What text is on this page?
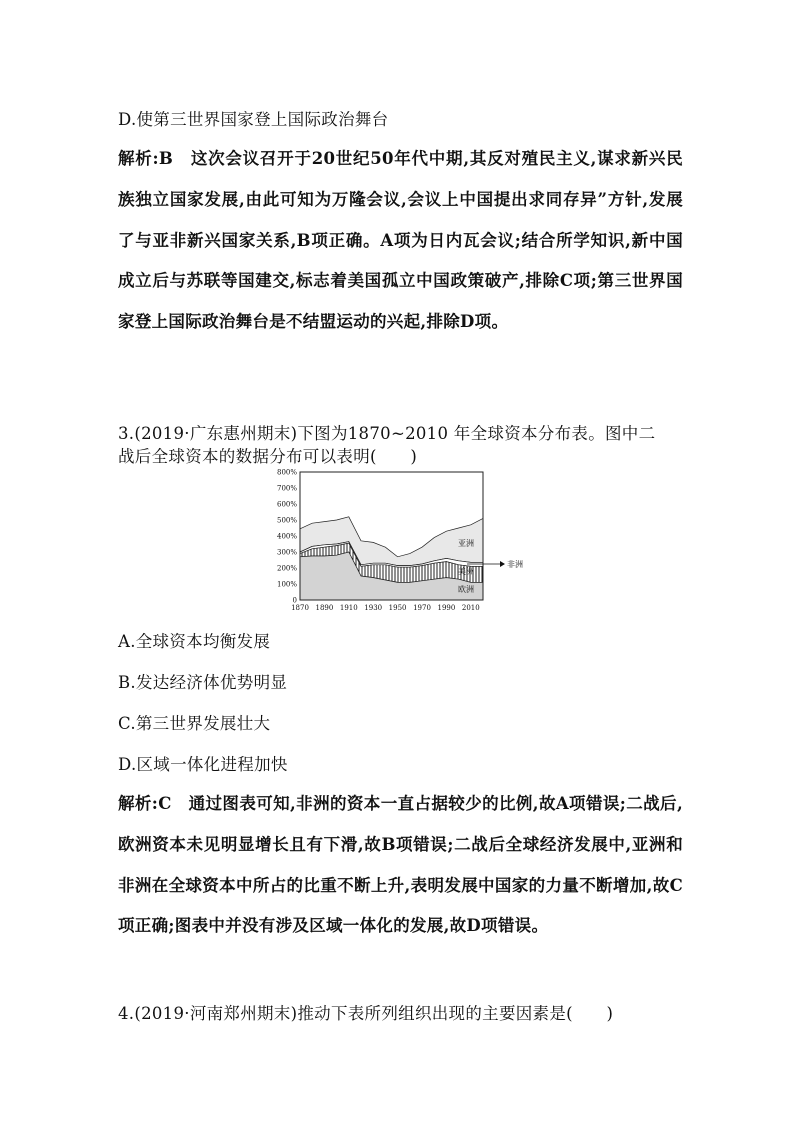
D.使第三世界国家登上国际政治舞台
解析:B　这次会议召开于20世纪50年代中期,其反对殖民主义,谋求新兴民族独立国家发展,由此可知为万隆会议,会议上中国提出求同存异”方针,发展了与亚非新兴国家关系,B项正确。A项为日内瓦会议;结合所学知识,新中国成立后与苏联等国建交,标志着美国孤立中国政策破产,排除C项;第三世界国家登上国际政治舞台是不结盟运动的兴起,排除D项。
3.(2019·广东惠州期末)下图为1870~2010 年全球资本分布表。图中二
战后全球资本的数据分布可以表明(　　)
0
100%
200%
300%
400%
500%
600%
700%
800%
1870 1890 1910 1930 1950 1970 1990 2010
亚洲
美洲
欧洲
非洲
A.全球资本均衡发展
B.发达经济体优势明显
C.第三世界发展壮大
D.区域一体化进程加快
解析:C　通过图表可知,非洲的资本一直占据较少的比例,故A项错误;二战后,欧洲资本未见明显增长且有下滑,故B项错误;二战后全球经济发展中,亚洲和非洲在全球资本中所占的比重不断上升,表明发展中国家的力量不断增加,故C项正确;图表中并没有涉及区域一体化的发展,故D项错误。
4.(2019·河南郑州期末)推动下表所列组织出现的主要因素是(　　)
